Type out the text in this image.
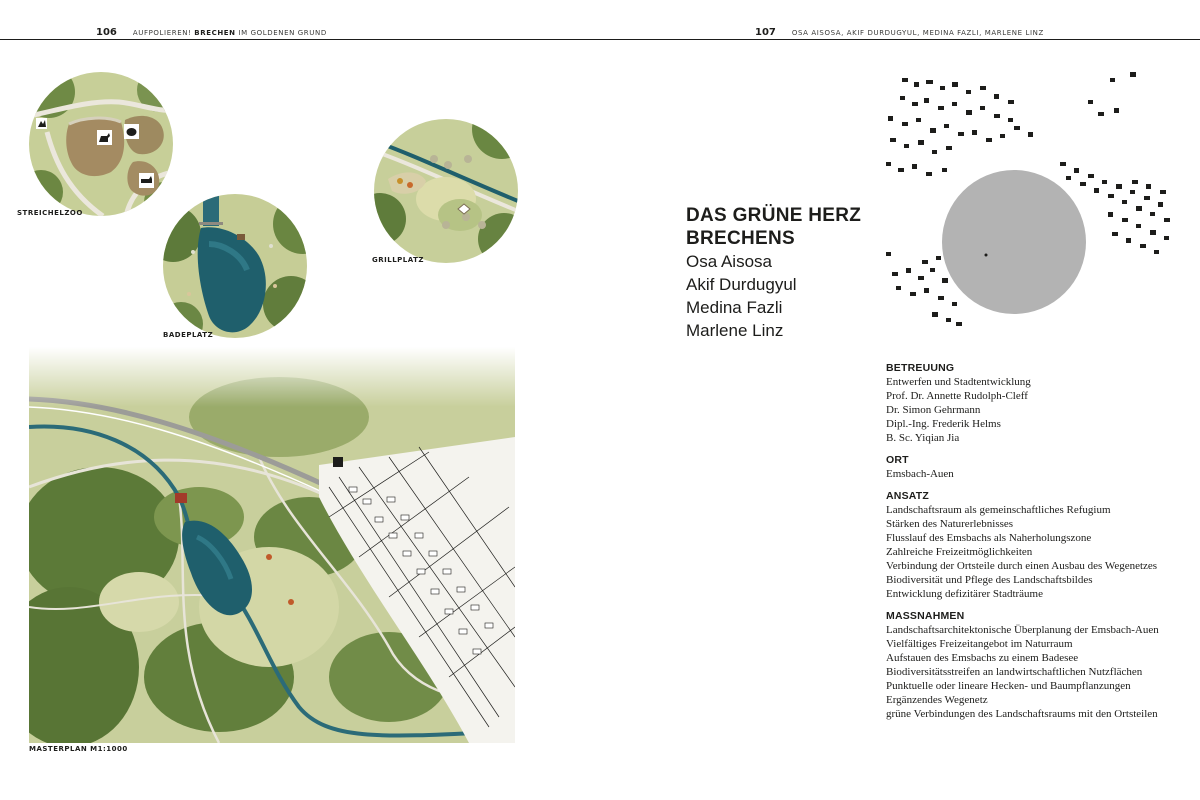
106 AUFPOLIEREN! BRECHEN IM GOLDENEN GRUND	107 OSA AISOSA, AKIF DURDUGYUL, MEDINA FAZLI, MARLENE LINZ
STREICHELZOO
BADEPLATZ
GRILLPLATZ
MASTERPLAN M1:1000
DAS GRÜNE HERZ
BRECHENS
Osa Aisosa
Akif Durdugyul
Medina Fazli
Marlene Linz
BETREUUNG
Entwerfen und Stadtentwicklung
Prof. Dr. Annette Rudolph-Cleff
Dr. Simon Gehrmann
Dipl.-Ing. Frederik Helms
B. Sc. Yiqian Jia
ORT
Emsbach-Auen
ANSATZ
Landschaftsraum als gemeinschaftliches Refugium
Stärken des Naturerlebnisses
Flusslauf des Emsbachs als Naherholungszone
Zahlreiche Freizeitmöglichkeiten
Verbindung der Ortsteile durch einen Ausbau des Wegenetzes
Biodiversität und Pflege des Landschaftsbildes
Entwicklung defizitärer Stadträume
MASSNAHMEN
Landschaftsarchitektonische Überplanung der Emsbach-Auen
Vielfältiges Freizeitangebot im Naturraum
Aufstauen des Emsbachs zu einem Badesee
Biodiversitätsstreifen an landwirtschaftlichen Nutzflächen
Punktuelle oder lineare Hecken- und Baumpflanzungen
Ergänzendes Wegenetz
grüne Verbindungen des Landschaftsraums mit den Ortsteilen
